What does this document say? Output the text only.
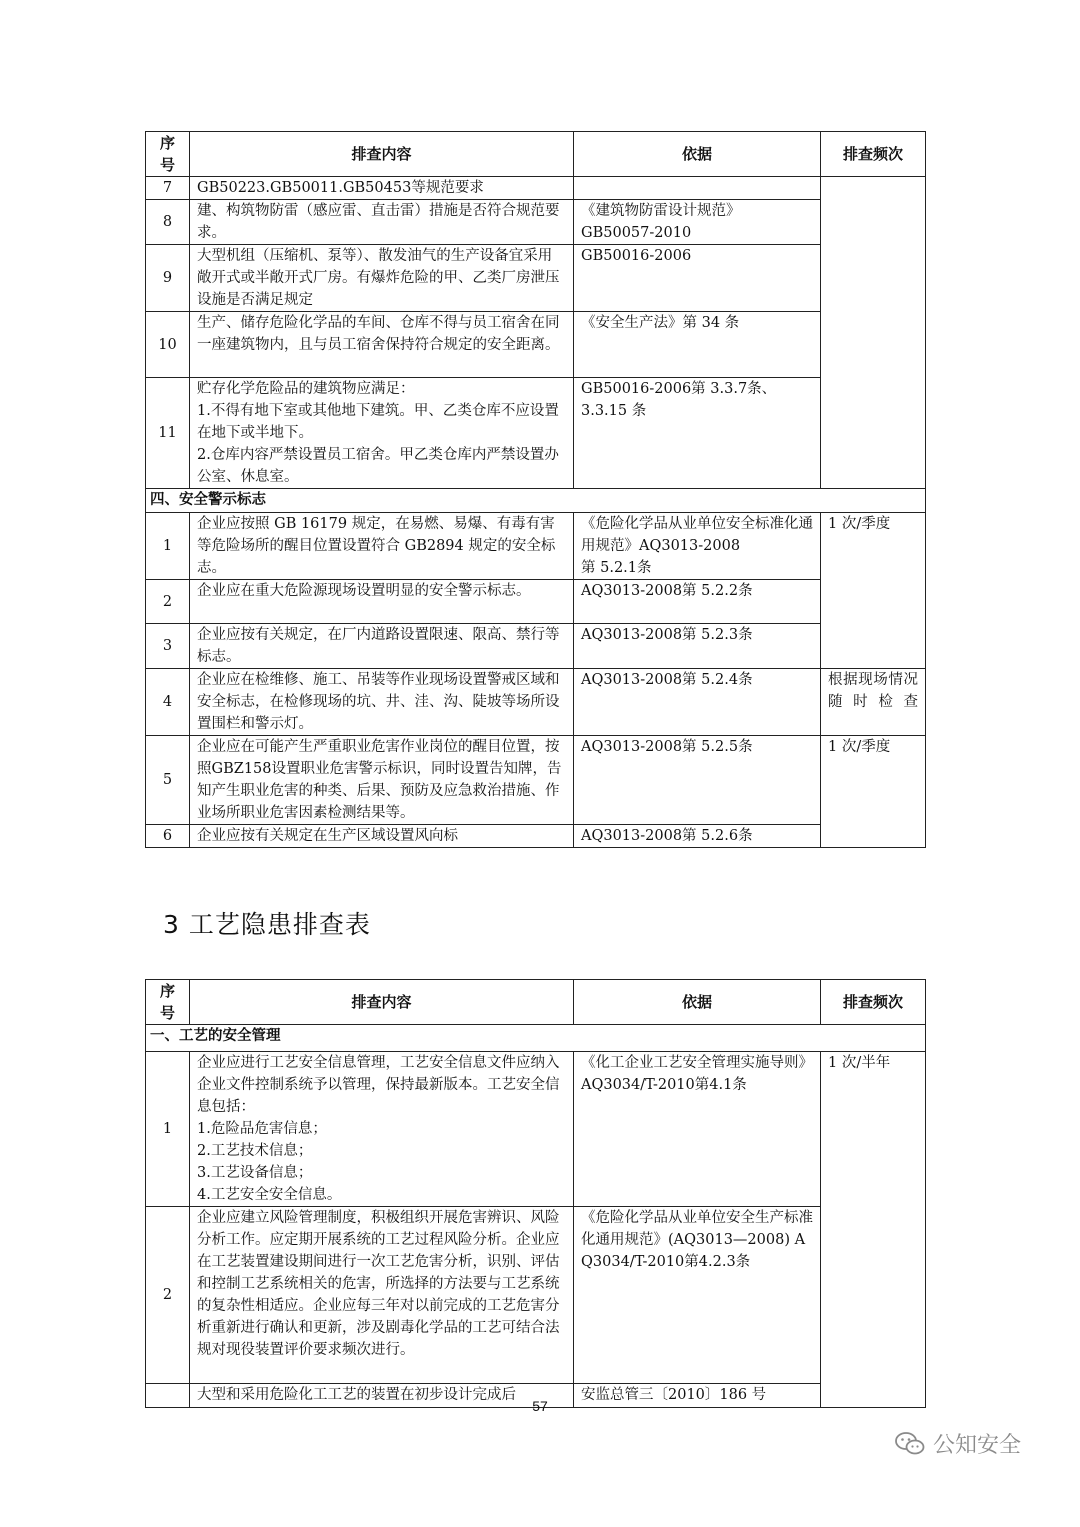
序号	排查内容	依据	排查频次
7	GB50223.GB50011.GB50453等规范要求		
8	建、构筑物防雷（感应雷、直击雷）措施是否符合规范要求。	《建筑物防雷设计规范》
GB50057-2010	
9	大型机组（压缩机、泵等）、散发油气的生产设备宜采用敞开式或半敞开式厂房。有爆炸危险的甲、乙类厂房泄压设施是否满足规定	GB50016-2006	
10	生产、储存危险化学品的车间、仓库不得与员工宿舍在同一座建筑物内，且与员工宿舍保持符合规定的安全距离。	《安全生产法》第 34 条	
11	贮存化学危险品的建筑物应满足：
1.不得有地下室或其他地下建筑。甲、乙类仓库不应设置在地下或半地下。
2.仓库内容严禁设置员工宿舍。甲乙类仓库内严禁设置办公室、休息室。	GB50016-2006第 3.3.7条、
3.3.15 条	
四、安全警示标志			
1	企业应按照 GB 16179 规定，在易燃、易爆、有毒有害等危险场所的醒目位置设置符合 GB2894 规定的安全标志。	《危险化学品从业单位安全标准化通用规范》AQ3013-2008
第 5.2.1条	1 次/季度
2	企业应在重大危险源现场设置明显的安全警示标志。	AQ3013-2008第 5.2.2条	
3	企业应按有关规定，在厂内道路设置限速、限高、禁行等标志。	AQ3013-2008第 5.2.3条	
4	企业应在检维修、施工、吊装等作业现场设置警戒区域和安全标志，在检修现场的坑、井、洼、沟、陡坡等场所设置围栏和警示灯。	AQ3013-2008第 5.2.4条	根据现场情况随时检查
5	企业应在可能产生严重职业危害作业岗位的醒目位置，按照GBZ158设置职业危害警示标识，同时设置告知牌，告知产生职业危害的种类、后果、预防及应急救治措施、作业场所职业危害因素检测结果等。	AQ3013-2008第 5.2.5条	1 次/季度
6	企业应按有关规定在生产区域设置风向标	AQ3013-2008第 5.2.6条	
3 工艺隐患排查表
序号	排查内容	依据	排查频次
一、工艺的安全管理			
1	企业应进行工艺安全信息管理，工艺安全信息文件应纳入企业文件控制系统予以管理，保持最新版本。工艺安全信息包括：
1.危险品危害信息；
2.工艺技术信息；
3.工艺设备信息；
4.工艺安全安全信息。	《化工企业工艺安全管理实施导则》AQ3034/T-2010第4.1条	1 次/半年
2	企业应建立风险管理制度，积极组织开展危害辨识、风险分析工作。应定期开展系统的工艺过程风险分析。企业应在工艺装置建设期间进行一次工艺危害分析，识别、评估和控制工艺系统相关的危害，所选择的方法要与工艺系统的复杂性相适应。企业应每三年对以前完成的工艺危害分析重新进行确认和更新，涉及剧毒化学品的工艺可结合法规对现役装置评价要求频次进行。	《危险化学品从业单位安全生产标准化通用规范》(AQ3013—2008) AQ3034/T-2010第4.2.3条	
	大型和采用危险化工工艺的装置在初步设计完成后	安监总管三〔2010〕186 号	
57
公知安全
